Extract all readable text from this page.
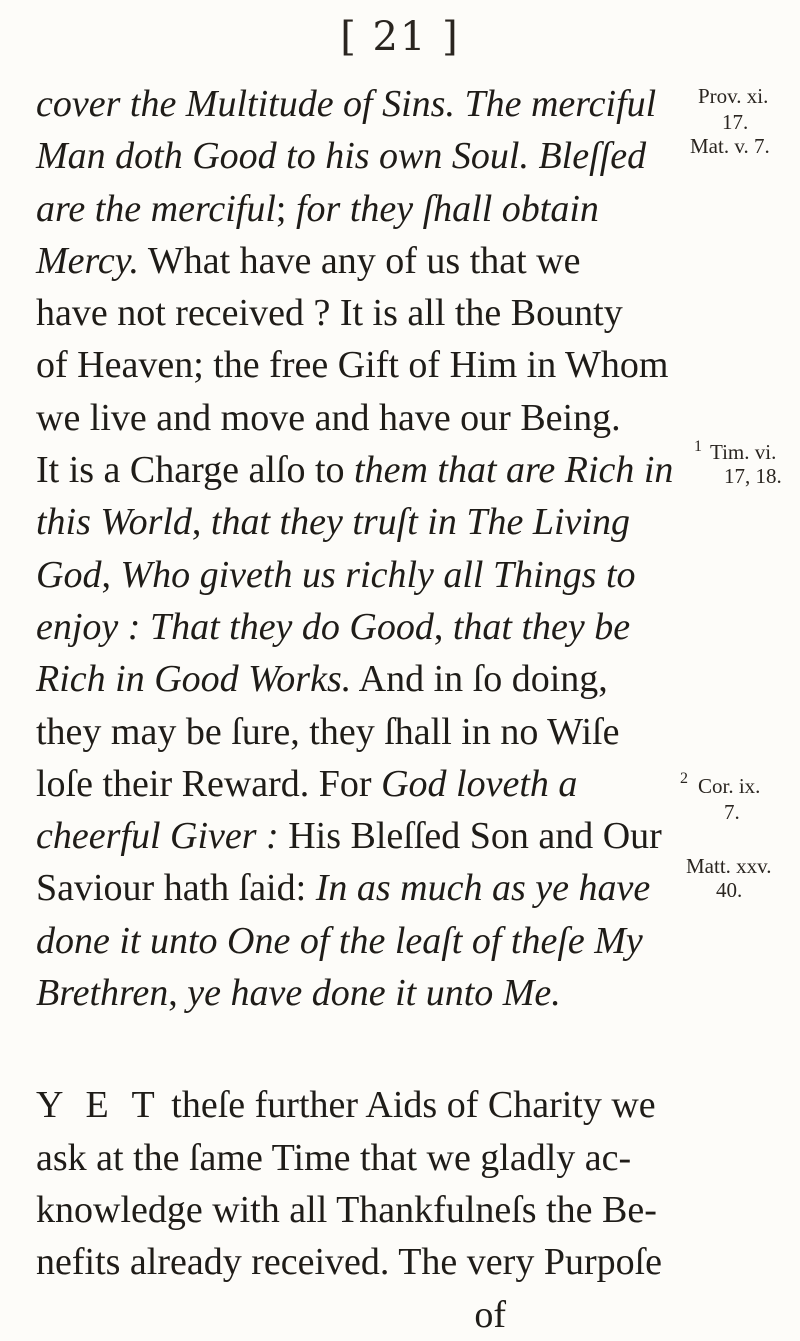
[ 21 ]
cover the Multitude of Sins. The merciful
Man doth Good to his own Soul. Bleſſed
are the merciful; for they ſhall obtain
Mercy. What have any of us that we
have not received ? It is all the Bounty
of Heaven; the free Gift of Him in Whom
we live and move and have our Being.
It is a Charge alſo to them that are Rich in
this World, that they truſt in The Living
God, Who giveth us richly all Things to
enjoy : That they do Good, that they be
Rich in Good Works. And in ſo doing,
they may be ſure, they ſhall in no Wiſe
loſe their Reward. For God loveth a
cheerful Giver : His Bleſſed Son and Our
Saviour hath ſaid: In as much as ye have
done it unto One of the leaſt of theſe My
Brethren, ye have done it unto Me.
Y E T theſe further Aids of Charity we
ask at the ſame Time that we gladly ac-
knowledge with all Thankfulneſs the Be-
nefits already received. The very Purpoſe
of
Prov. xi.
17.
Mat. v. 7.
1 Tim. vi.
17, 18.
2 Cor. ix.
7.
Matt. xxv.
40.
